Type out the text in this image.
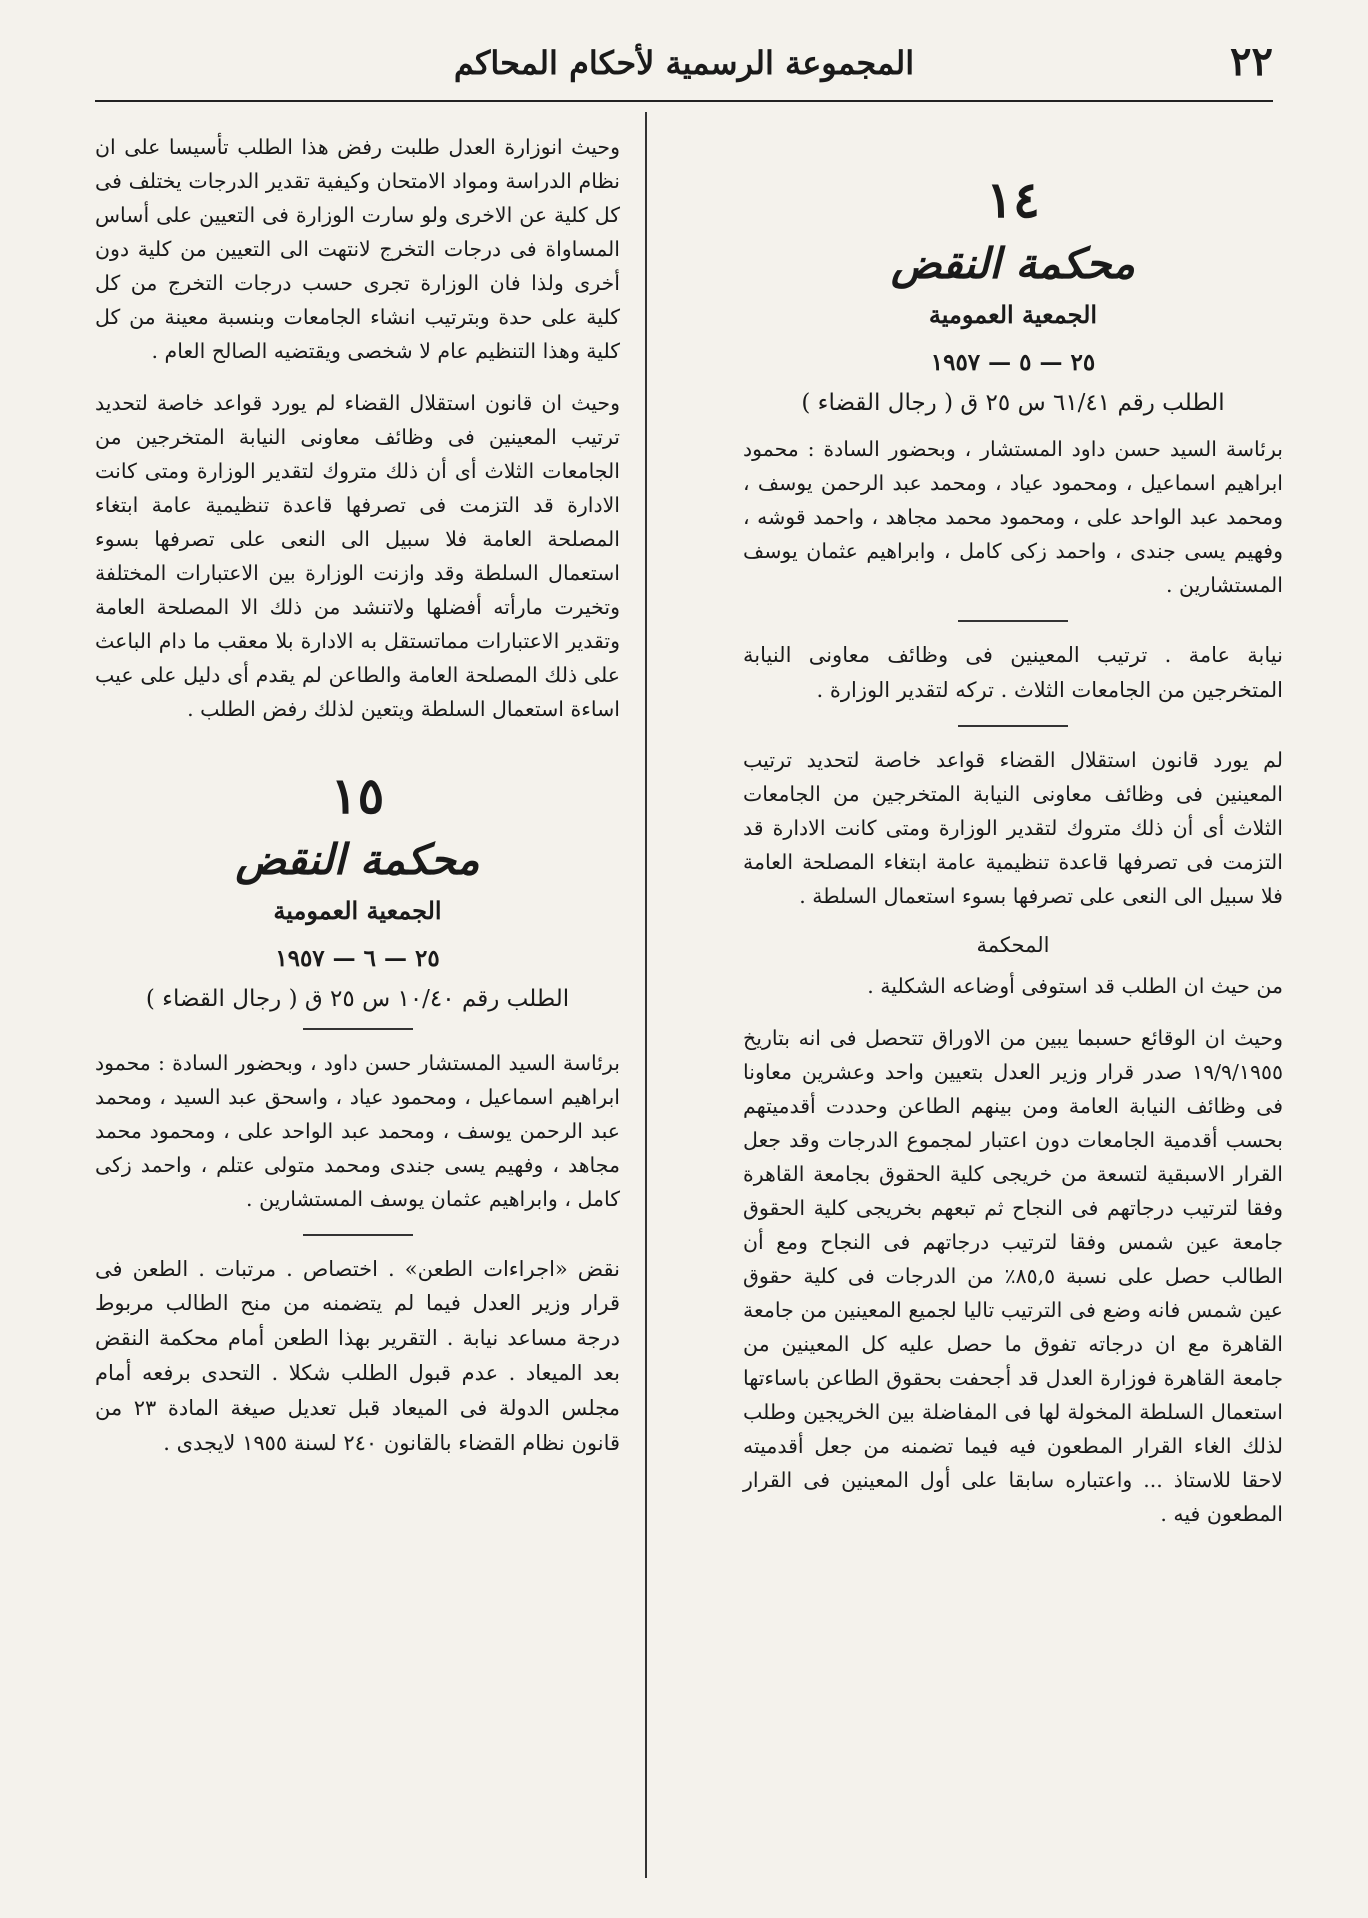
٢٢
المجموعة الرسمية لأحكام المحاكم
١٤
محكمة النقض
الجمعية العمومية
٢٥ — ٥ — ١٩٥٧
الطلب رقم ٦١/٤١ س ٢٥ ق ( رجال القضاء )

برئاسة السيد حسن داود المستشار ، وبحضور السادة : محمود ابراهيم اسماعيل ، ومحمود عياد ، ومحمد عبد الرحمن يوسف ، ومحمد عبد الواحد على ، ومحمود محمد مجاهد ، واحمد قوشه ، وفهيم يسى جندى ، واحمد زكى كامل ، وابراهيم عثمان يوسف المستشارين .

نيابة عامة . ترتيب المعينين فى وظائف معاونى النيابة المتخرجين من الجامعات الثلاث . تركه لتقدير الوزارة .

لم يورد قانون استقلال القضاء قواعد خاصة لتحديد ترتيب المعينين فى وظائف معاونى النيابة المتخرجين من الجامعات الثلاث أى أن ذلك متروك لتقدير الوزارة ومتى كانت الادارة قد التزمت فى تصرفها قاعدة تنظيمية عامة ابتغاء المصلحة العامة فلا سبيل الى النعى على تصرفها بسوء استعمال السلطة .

المحكمة

من حيث ان الطلب قد استوفى أوضاعه الشكلية .

وحيث ان الوقائع حسبما يبين من الاوراق تتحصل فى انه بتاريخ ١٩/٩/١٩٥٥ صدر قرار وزير العدل بتعيين واحد وعشرين معاونا فى وظائف النيابة العامة ومن بينهم الطاعن وحددت أقدميتهم بحسب أقدمية الجامعات دون اعتبار لمجموع الدرجات وقد جعل القرار الاسبقية لتسعة من خريجى كلية الحقوق بجامعة القاهرة وفقا لترتيب درجاتهم فى النجاح ثم تبعهم بخريجى كلية الحقوق جامعة عين شمس وفقا لترتيب درجاتهم فى النجاح ومع أن الطالب حصل على نسبة ٨٥,٥٪ من الدرجات فى كلية حقوق عين شمس فانه وضع فى الترتيب تاليا لجميع المعينين من جامعة القاهرة مع ان درجاته تفوق ما حصل عليه كل المعينين من جامعة القاهرة فوزارة العدل قد أجحفت بحقوق الطاعن باساءتها استعمال السلطة المخولة لها فى المفاضلة بين الخريجين وطلب لذلك الغاء القرار المطعون فيه فيما تضمنه من جعل أقدميته لاحقا للاستاذ ... واعتباره سابقا على أول المعينين فى القرار المطعون فيه .

وحيث انوزارة العدل طلبت رفض هذا الطلب تأسيسا على ان نظام الدراسة ومواد الامتحان وكيفية تقدير الدرجات يختلف فى كل كلية عن الاخرى ولو سارت الوزارة فى التعيين على أساس المساواة فى درجات التخرج لانتهت الى التعيين من كلية دون أخرى ولذا فان الوزارة تجرى حسب درجات التخرج من كل كلية على حدة وبترتيب انشاء الجامعات وبنسبة معينة من كل كلية وهذا التنظيم عام لا شخصى ويقتضيه الصالح العام .

وحيث ان قانون استقلال القضاء لم يورد قواعد خاصة لتحديد ترتيب المعينين فى وظائف معاونى النيابة المتخرجين من الجامعات الثلاث أى أن ذلك متروك لتقدير الوزارة ومتى كانت الادارة قد التزمت فى تصرفها قاعدة تنظيمية عامة ابتغاء المصلحة العامة فلا سبيل الى النعى على تصرفها بسوء استعمال السلطة وقد وازنت الوزارة بين الاعتبارات المختلفة وتخيرت مارأته أفضلها ولاتنشد من ذلك الا المصلحة العامة وتقدير الاعتبارات مماتستقل به الادارة بلا معقب ما دام الباعث على ذلك المصلحة العامة والطاعن لم يقدم أى دليل على عيب اساءة استعمال السلطة ويتعين لذلك رفض الطلب .

١٥
محكمة النقض
الجمعية العمومية
٢٥ — ٦ — ١٩٥٧
الطلب رقم ١٠/٤٠ س ٢٥ ق ( رجال القضاء )

برئاسة السيد المستشار حسن داود ، وبحضور السادة : محمود ابراهيم اسماعيل ، ومحمود عياد ، واسحق عبد السيد ، ومحمد عبد الرحمن يوسف ، ومحمد عبد الواحد على ، ومحمود محمد مجاهد ، وفهيم يسى جندى ومحمد متولى عتلم ، واحمد زكى كامل ، وابراهيم عثمان يوسف المستشارين .

نقض «اجراءات الطعن» . اختصاص . مرتبات . الطعن فى قرار وزير العدل فيما لم يتضمنه من منح الطالب مربوط درجة مساعد نيابة . التقرير بهذا الطعن أمام محكمة النقض بعد الميعاد . عدم قبول الطلب شكلا . التحدى برفعه أمام مجلس الدولة فى الميعاد قبل تعديل صيغة المادة ٢٣ من قانون نظام القضاء بالقانون ٢٤٠ لسنة ١٩٥٥ لايجدى .
